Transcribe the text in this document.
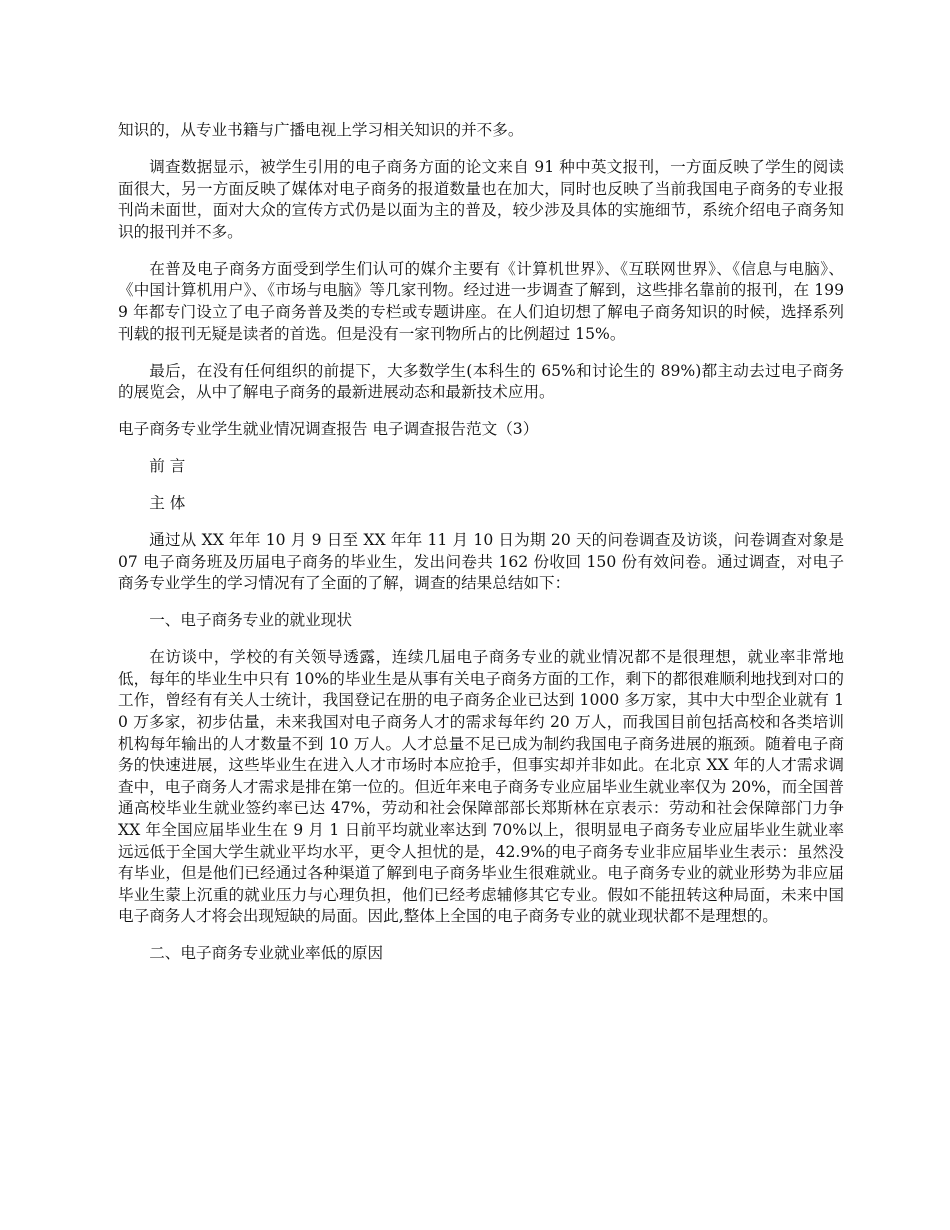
知识的，从专业书籍与广播电视上学习相关知识的并不多。

调查数据显示，被学生引用的电子商务方面的论文来自 91 种中英文报刊，一方面反映了学生的阅读面很大，另一方面反映了媒体对电子商务的报道数量也在加大，同时也反映了当前我国电子商务的专业报刊尚未面世，面对大众的宣传方式仍是以面为主的普及，较少涉及具体的实施细节，系统介绍电子商务知识的报刊并不多。

在普及电子商务方面受到学生们认可的媒介主要有《计算机世界》、《互联网世界》、《信息与电脑》、《中国计算机用户》、《市场与电脑》等几家刊物。经过进一步调查了解到，这些排名靠前的报刊，在 1999 年都专门设立了电子商务普及类的专栏或专题讲座。在人们迫切想了解电子商务知识的时候，选择系列刊载的报刊无疑是读者的首选。但是没有一家刊物所占的比例超过 15%。

最后，在没有任何组织的前提下，大多数学生(本科生的 65%和讨论生的 89%)都主动去过电子商务的展览会，从中了解电子商务的最新进展动态和最新技术应用。

电子商务专业学生就业情况调查报告 电子调查报告范文（3）

前 言

主 体

通过从 XX 年年 10 月 9 日至 XX 年年 11 月 10 日为期 20 天的问卷调查及访谈，问卷调查对象是 07 电子商务班及历届电子商务的毕业生，发出问卷共 162 份收回 150 份有效问卷。通过调查，对电子商务专业学生的学习情况有了全面的了解，调查的结果总结如下：

一、电子商务专业的就业现状

在访谈中，学校的有关领导透露，连续几届电子商务专业的就业情况都不是很理想，就业率非常地低，每年的毕业生中只有 10%的毕业生是从事有关电子商务方面的工作，剩下的都很难顺利地找到对口的工作，曾经有有关人士统计，我国登记在册的电子商务企业已达到 1000 多万家，其中大中型企业就有 10 万多家，初步估量，未来我国对电子商务人才的需求每年约 20 万人，而我国目前包括高校和各类培训机构每年输出的人才数量不到 10 万人。人才总量不足已成为制约我国电子商务进展的瓶颈。随着电子商务的快速进展，这些毕业生在进入人才市场时本应抢手，但事实却并非如此。在北京 XX 年的人才需求调查中，电子商务人才需求是排在第一位的。但近年来电子商务专业应届毕业生就业率仅为 20%，而全国普通高校毕业生就业签约率已达 47%，劳动和社会保障部部长郑斯林在京表示：劳动和社会保障部门力争 XX 年全国应届毕业生在 9 月 1 日前平均就业率达到 70%以上，很明显电子商务专业应届毕业生就业率远远低于全国大学生就业平均水平，更令人担忧的是，42.9%的电子商务专业非应届毕业生表示：虽然没有毕业，但是他们已经通过各种渠道了解到电子商务毕业生很难就业。电子商务专业的就业形势为非应届毕业生蒙上沉重的就业压力与心理负担，他们已经考虑辅修其它专业。假如不能扭转这种局面，未来中国电子商务人才将会出现短缺的局面。因此,整体上全国的电子商务专业的就业现状都不是理想的。

二、电子商务专业就业率低的原因
